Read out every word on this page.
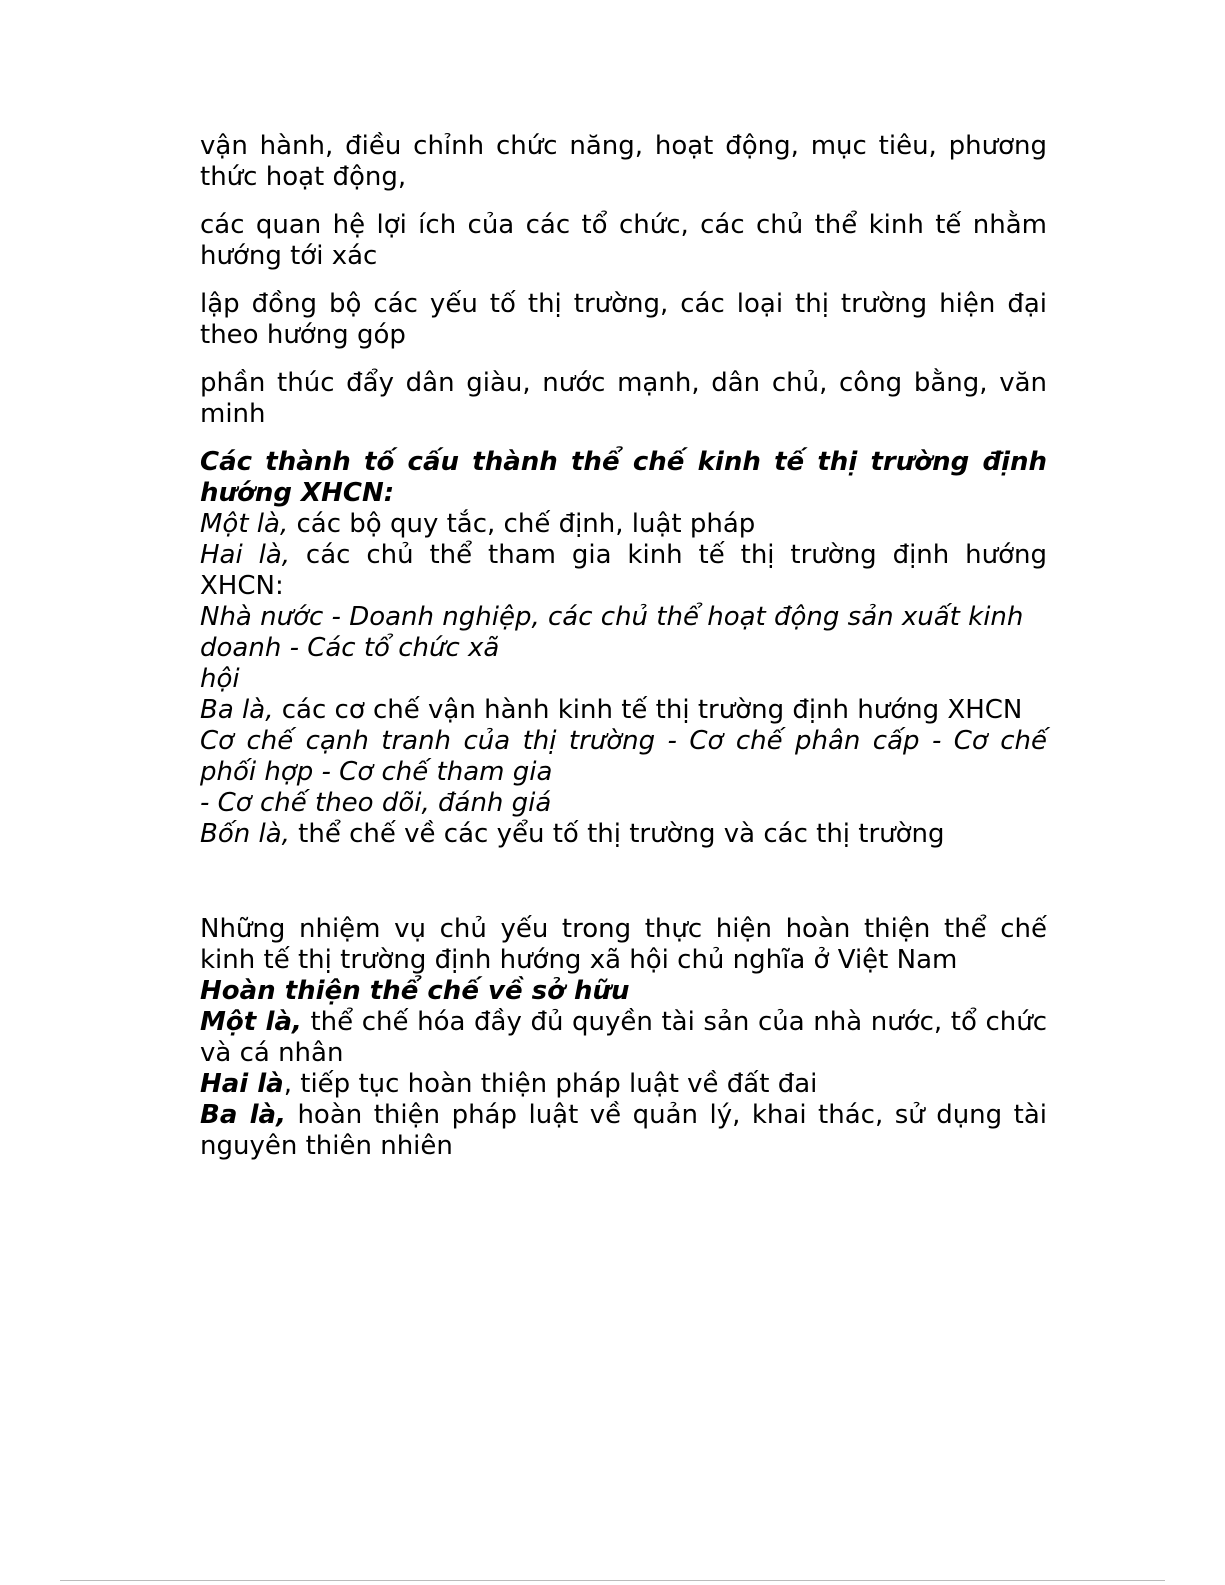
vận hành, điều chỉnh chức năng, hoạt động, mục tiêu, phương thức hoạt động,

các quan hệ lợi ích của các tổ chức, các chủ thể kinh tế nhằm hướng tới xác

lập đồng bộ các yếu tố thị trường, các loại thị trường hiện đại theo hướng góp

phần thúc đẩy dân giàu, nước mạnh, dân chủ, công bằng, văn minh

Các thành tố cấu thành thể chế kinh tế thị trường định hướng XHCN:

Một là, các bộ quy tắc, chế định, luật pháp

Hai là, các chủ thể tham gia kinh tế thị trường định hướng XHCN:

Nhà nước - Doanh nghiệp, các chủ thể hoạt động sản xuất kinh doanh - Các tổ chức xã

hội

Ba là, các cơ chế vận hành kinh tế thị trường định hướng XHCN

Cơ chế cạnh tranh của thị trường - Cơ chế phân cấp - Cơ chế phối hợp - Cơ chế tham gia

- Cơ chế theo dõi, đánh giá

Bốn là, thể chế về các yểu tố thị trường và các thị trường

Những nhiệm vụ chủ yếu trong thực hiện hoàn thiện thể chế kinh tế thị trường định hướng xã hội chủ nghĩa ở Việt Nam

Hoàn thiện thể chế về sở hữu

Một là, thể chế hóa đầy đủ quyền tài sản của nhà nước, tổ chức và cá nhân

Hai là, tiếp tục hoàn thiện pháp luật về đất đai

Ba là, hoàn thiện pháp luật về quản lý, khai thác, sử dụng tài nguyên thiên nhiên
